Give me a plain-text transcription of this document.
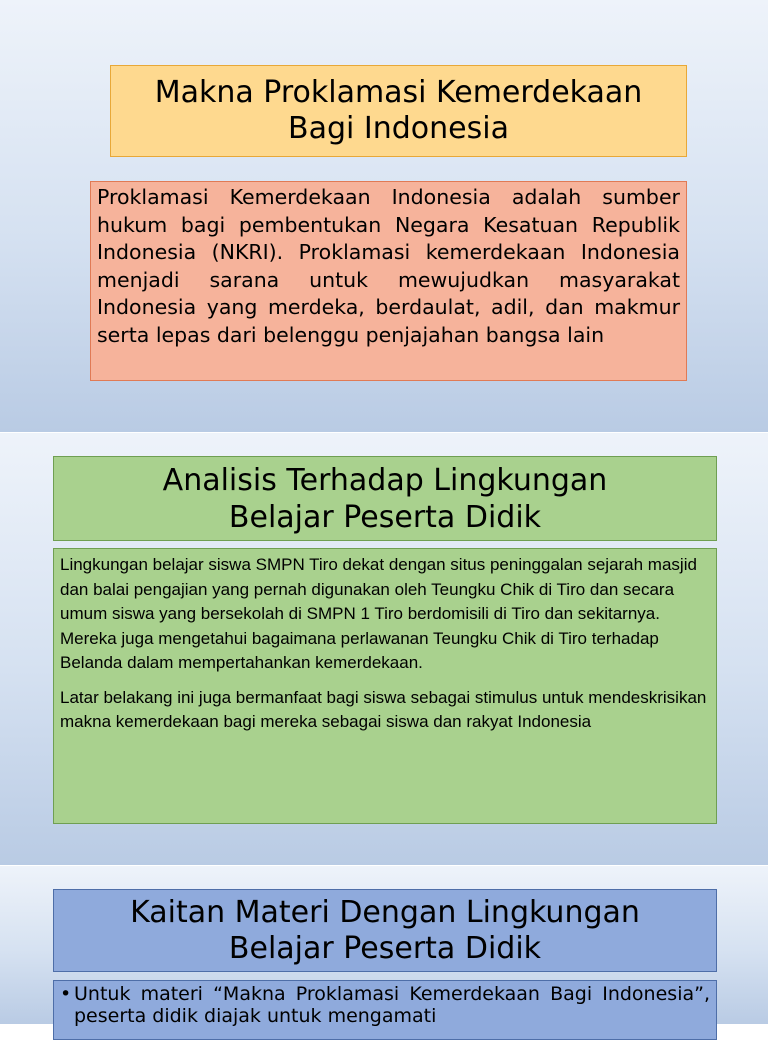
Makna Proklamasi Kemerdekaan
Bagi Indonesia
Proklamasi Kemerdekaan Indonesia adalah sumber hukum bagi pembentukan Negara Kesatuan Republik Indonesia (NKRI). Proklamasi kemerdekaan Indonesia menjadi sarana untuk mewujudkan masyarakat Indonesia yang merdeka, berdaulat, adil, dan makmur serta lepas dari belenggu penjajahan bangsa lain
Analisis Terhadap Lingkungan
Belajar Peserta Didik

Lingkungan belajar siswa SMPN Tiro dekat dengan situs peninggalan sejarah masjid dan balai pengajian yang pernah digunakan oleh Teungku Chik di Tiro dan secara umum siswa yang bersekolah di SMPN 1 Tiro berdomisili di Tiro dan sekitarnya. Mereka juga mengetahui bagaimana perlawanan Teungku Chik di Tiro terhadap Belanda dalam mempertahankan kemerdekaan.

Latar belakang ini juga bermanfaat bagi siswa sebagai stimulus untuk mendeskrisikan makna kemerdekaan bagi mereka sebagai siswa dan rakyat Indonesia

Kaitan Materi Dengan Lingkungan
Belajar Peserta Didik
• Untuk materi “Makna Proklamasi Kemerdekaan Bagi Indonesia”, peserta didik diajak untuk mengamati
